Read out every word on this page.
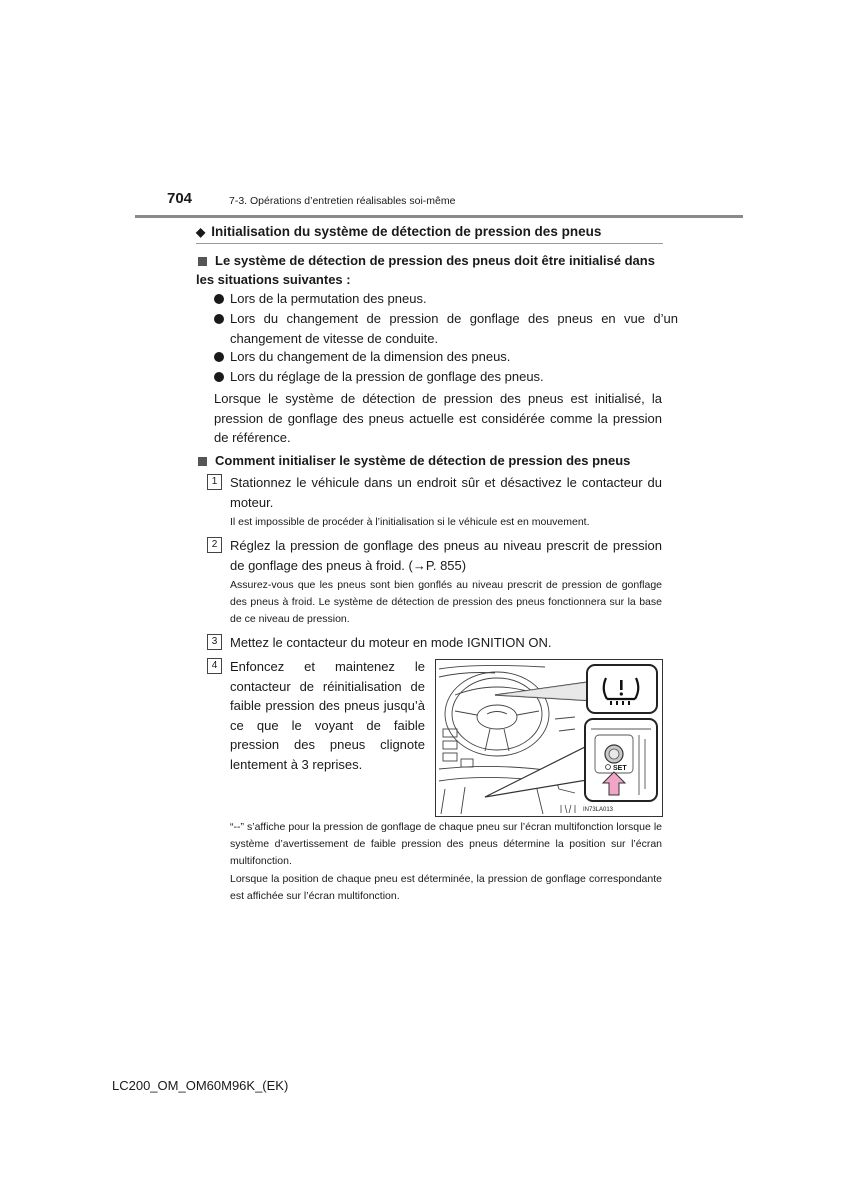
704	7-3. Opérations d’entretien réalisables soi-même
◆ Initialisation du système de détection de pression des pneus
Le système de détection de pression des pneus doit être initialisé dans les situations suivantes :
Lors de la permutation des pneus.
Lors du changement de pression de gonflage des pneus en vue d’un changement de vitesse de conduite.
Lors du changement de la dimension des pneus.
Lors du réglage de la pression de gonflage des pneus.
Lorsque le système de détection de pression des pneus est initialisé, la pression de gonflage des pneus actuelle est considérée comme la pression de référence.
Comment initialiser le système de détection de pression des pneus
1 Stationnez le véhicule dans un endroit sûr et désactivez le contacteur du moteur.
Il est impossible de procéder à l’initialisation si le véhicule est en mouvement.
2 Réglez la pression de gonflage des pneus au niveau prescrit de pression de gonflage des pneus à froid. (→P. 855)
Assurez-vous que les pneus sont bien gonflés au niveau prescrit de pression de gonflage des pneus à froid. Le système de détection de pression des pneus fonctionnera sur la base de ce niveau de pression.
3 Mettez le contacteur du moteur en mode IGNITION ON.
4 Enfoncez et maintenez le contacteur de réinitialisation de faible pression des pneus jusqu’à ce que le voyant de faible pression des pneus clignote lentement à 3 reprises.	SET
IN73LA013
“--” s’affiche pour la pression de gonflage de chaque pneu sur l’écran multifonction lorsque le système d’avertissement de faible pression des pneus détermine la position sur l’écran multifonction.
Lorsque la position de chaque pneu est déterminée, la pression de gonflage correspondante est affichée sur l’écran multifonction.
LC200_OM_OM60M96K_(EK)
